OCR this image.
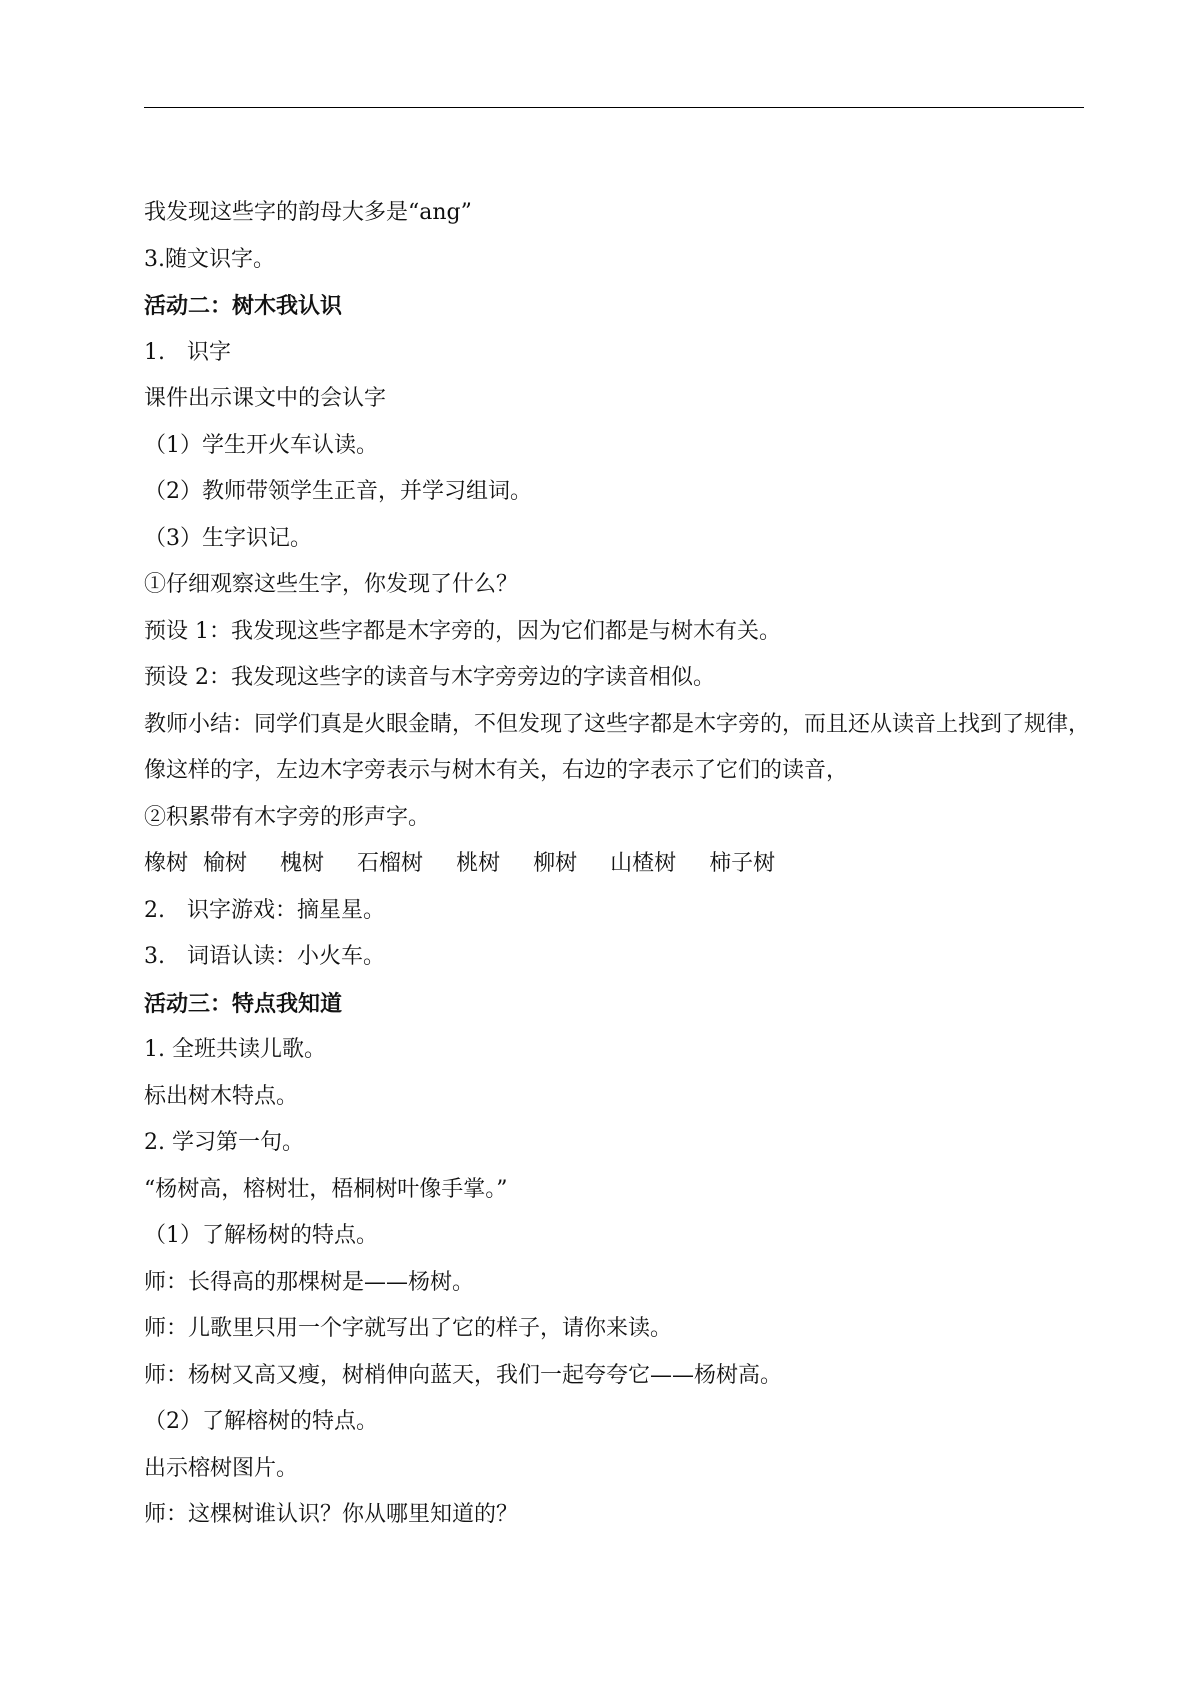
我发现这些字的韵母大多是“ang”

3.随文识字。

活动二：树木我认识

1.　识字

课件出示课文中的会认字

（1）学生开火车认读。

（2）教师带领学生正音，并学习组词。

（3）生字识记。

①仔细观察这些生字，你发现了什么？

预设 1：我发现这些字都是木字旁的，因为它们都是与树木有关。

预设 2：我发现这些字的读音与木字旁旁边的字读音相似。

教师小结：同学们真是火眼金睛，不但发现了这些字都是木字旁的，而且还从读音上找到了规律，像这样的字，左边木字旁表示与树木有关，右边的字表示了它们的读音，

②积累带有木字旁的形声字。

橡树 榆树 槐树 石榴树 桃树 柳树 山楂树 柿子树

2.　识字游戏：摘星星。

3.　词语认读：小火车。

活动三：特点我知道

1. 全班共读儿歌。

标出树木特点。

2. 学习第一句。

“杨树高，榕树壮，梧桐树叶像手掌。”

（1）了解杨树的特点。

师：长得高的那棵树是——杨树。

师：儿歌里只用一个字就写出了它的样子，请你来读。

师：杨树又高又瘦，树梢伸向蓝天，我们一起夸夸它——杨树高。

（2）了解榕树的特点。

出示榕树图片。

师：这棵树谁认识？你从哪里知道的？
